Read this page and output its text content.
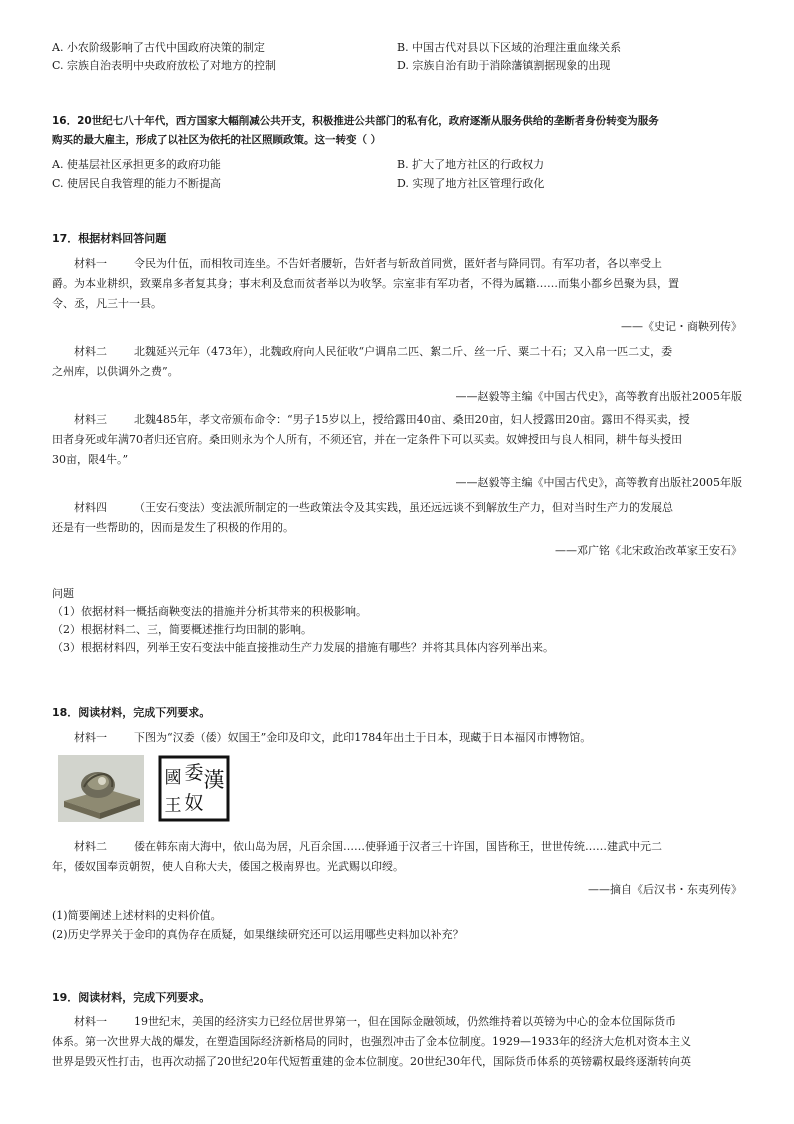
A. 小农阶级影响了古代中国政府决策的制定	B. 中国古代对县以下区域的治理注重血缘关系
C. 宗族自治表明中央政府放松了对地方的控制	D. 宗族自治有助于消除藩镇割据现象的出现
16．20世纪七八十年代，西方国家大幅削减公共开支，积极推进公共部门的私有化，政府逐渐从服务供给的垄断者身份转变为服务
购买的最大雇主，形成了以社区为依托的社区照顾政策。这一转变（ ）
A. 使基层社区承担更多的政府功能	B. 扩大了地方社区的行政权力
C. 使居民自我管理的能力不断提高	D. 实现了地方社区管理行政化
17．根据材料回答问题
材料一 令民为什伍，而相牧司连坐。不告奸者腰斩，告奸者与斩敌首同赏，匿奸者与降同罚。有军功者，各以率受上
爵。为本业耕织，致粟帛多者复其身；事末利及怠而贫者举以为收孥。宗室非有军功者，不得为属籍……而集小都乡邑聚为县，置
令、丞，凡三十一县。
——《史记・商鞅列传》
材料二 北魏延兴元年（473年），北魏政府向人民征收“户调帛二匹、絮二斤、丝一斤、粟二十石；又入帛一匹二丈，委
之州库，以供调外之费”。
——赵毅等主编《中国古代史》，高等教育出版社2005年版
材料三 北魏485年，孝文帝颁布命令：“男子15岁以上，授给露田40亩、桑田20亩，妇人授露田20亩。露田不得买卖，授
田者身死或年满70者归还官府。桑田则永为个人所有，不须还官，并在一定条件下可以买卖。奴婢授田与良人相同，耕牛每头授田
30亩，限4牛。”
——赵毅等主编《中国古代史》，高等教育出版社2005年版
材料四 （王安石变法）变法派所制定的一些政策法令及其实践，虽还远远谈不到解放生产力，但对当时生产力的发展总
还是有一些帮助的，因而是发生了积极的作用的。
——邓广铭《北宋政治改革家王安石》
问题
（1）依据材料一概括商鞅变法的措施并分析其带来的积极影响。
（2）根据材料二、三，简要概述推行均田制的影响。
（3）根据材料四，列举王安石变法中能直接推动生产力发展的措施有哪些？并将其具体内容列举出来。
18．阅读材料，完成下列要求。
材料一 下图为“汉委（倭）奴国王”金印及印文，此印1784年出土于日本，现藏于日本福冈市博物馆。
漢
委
奴
國
王
材料二 倭在韩东南大海中，依山岛为居，凡百余国……使驿通于汉者三十许国，国皆称王，世世传统……建武中元二
年，倭奴国奉贡朝贺，使人自称大夫，倭国之极南界也。光武赐以印绶。
——摘自《后汉书・东夷列传》
(1)简要阐述上述材料的史料价值。
(2)历史学界关于金印的真伪存在质疑，如果继续研究还可以运用哪些史料加以补充？
19．阅读材料，完成下列要求。
材料一 19世纪末，美国的经济实力已经位居世界第一，但在国际金融领域，仍然维持着以英镑为中心的金本位国际货币
体系。第一次世界大战的爆发，在塑造国际经济新格局的同时，也强烈冲击了金本位制度。1929—1933年的经济大危机对资本主义
世界是毁灭性打击，也再次动摇了20世纪20年代短暂重建的金本位制度。20世纪30年代，国际货币体系的英镑霸权最终逐渐转向英
